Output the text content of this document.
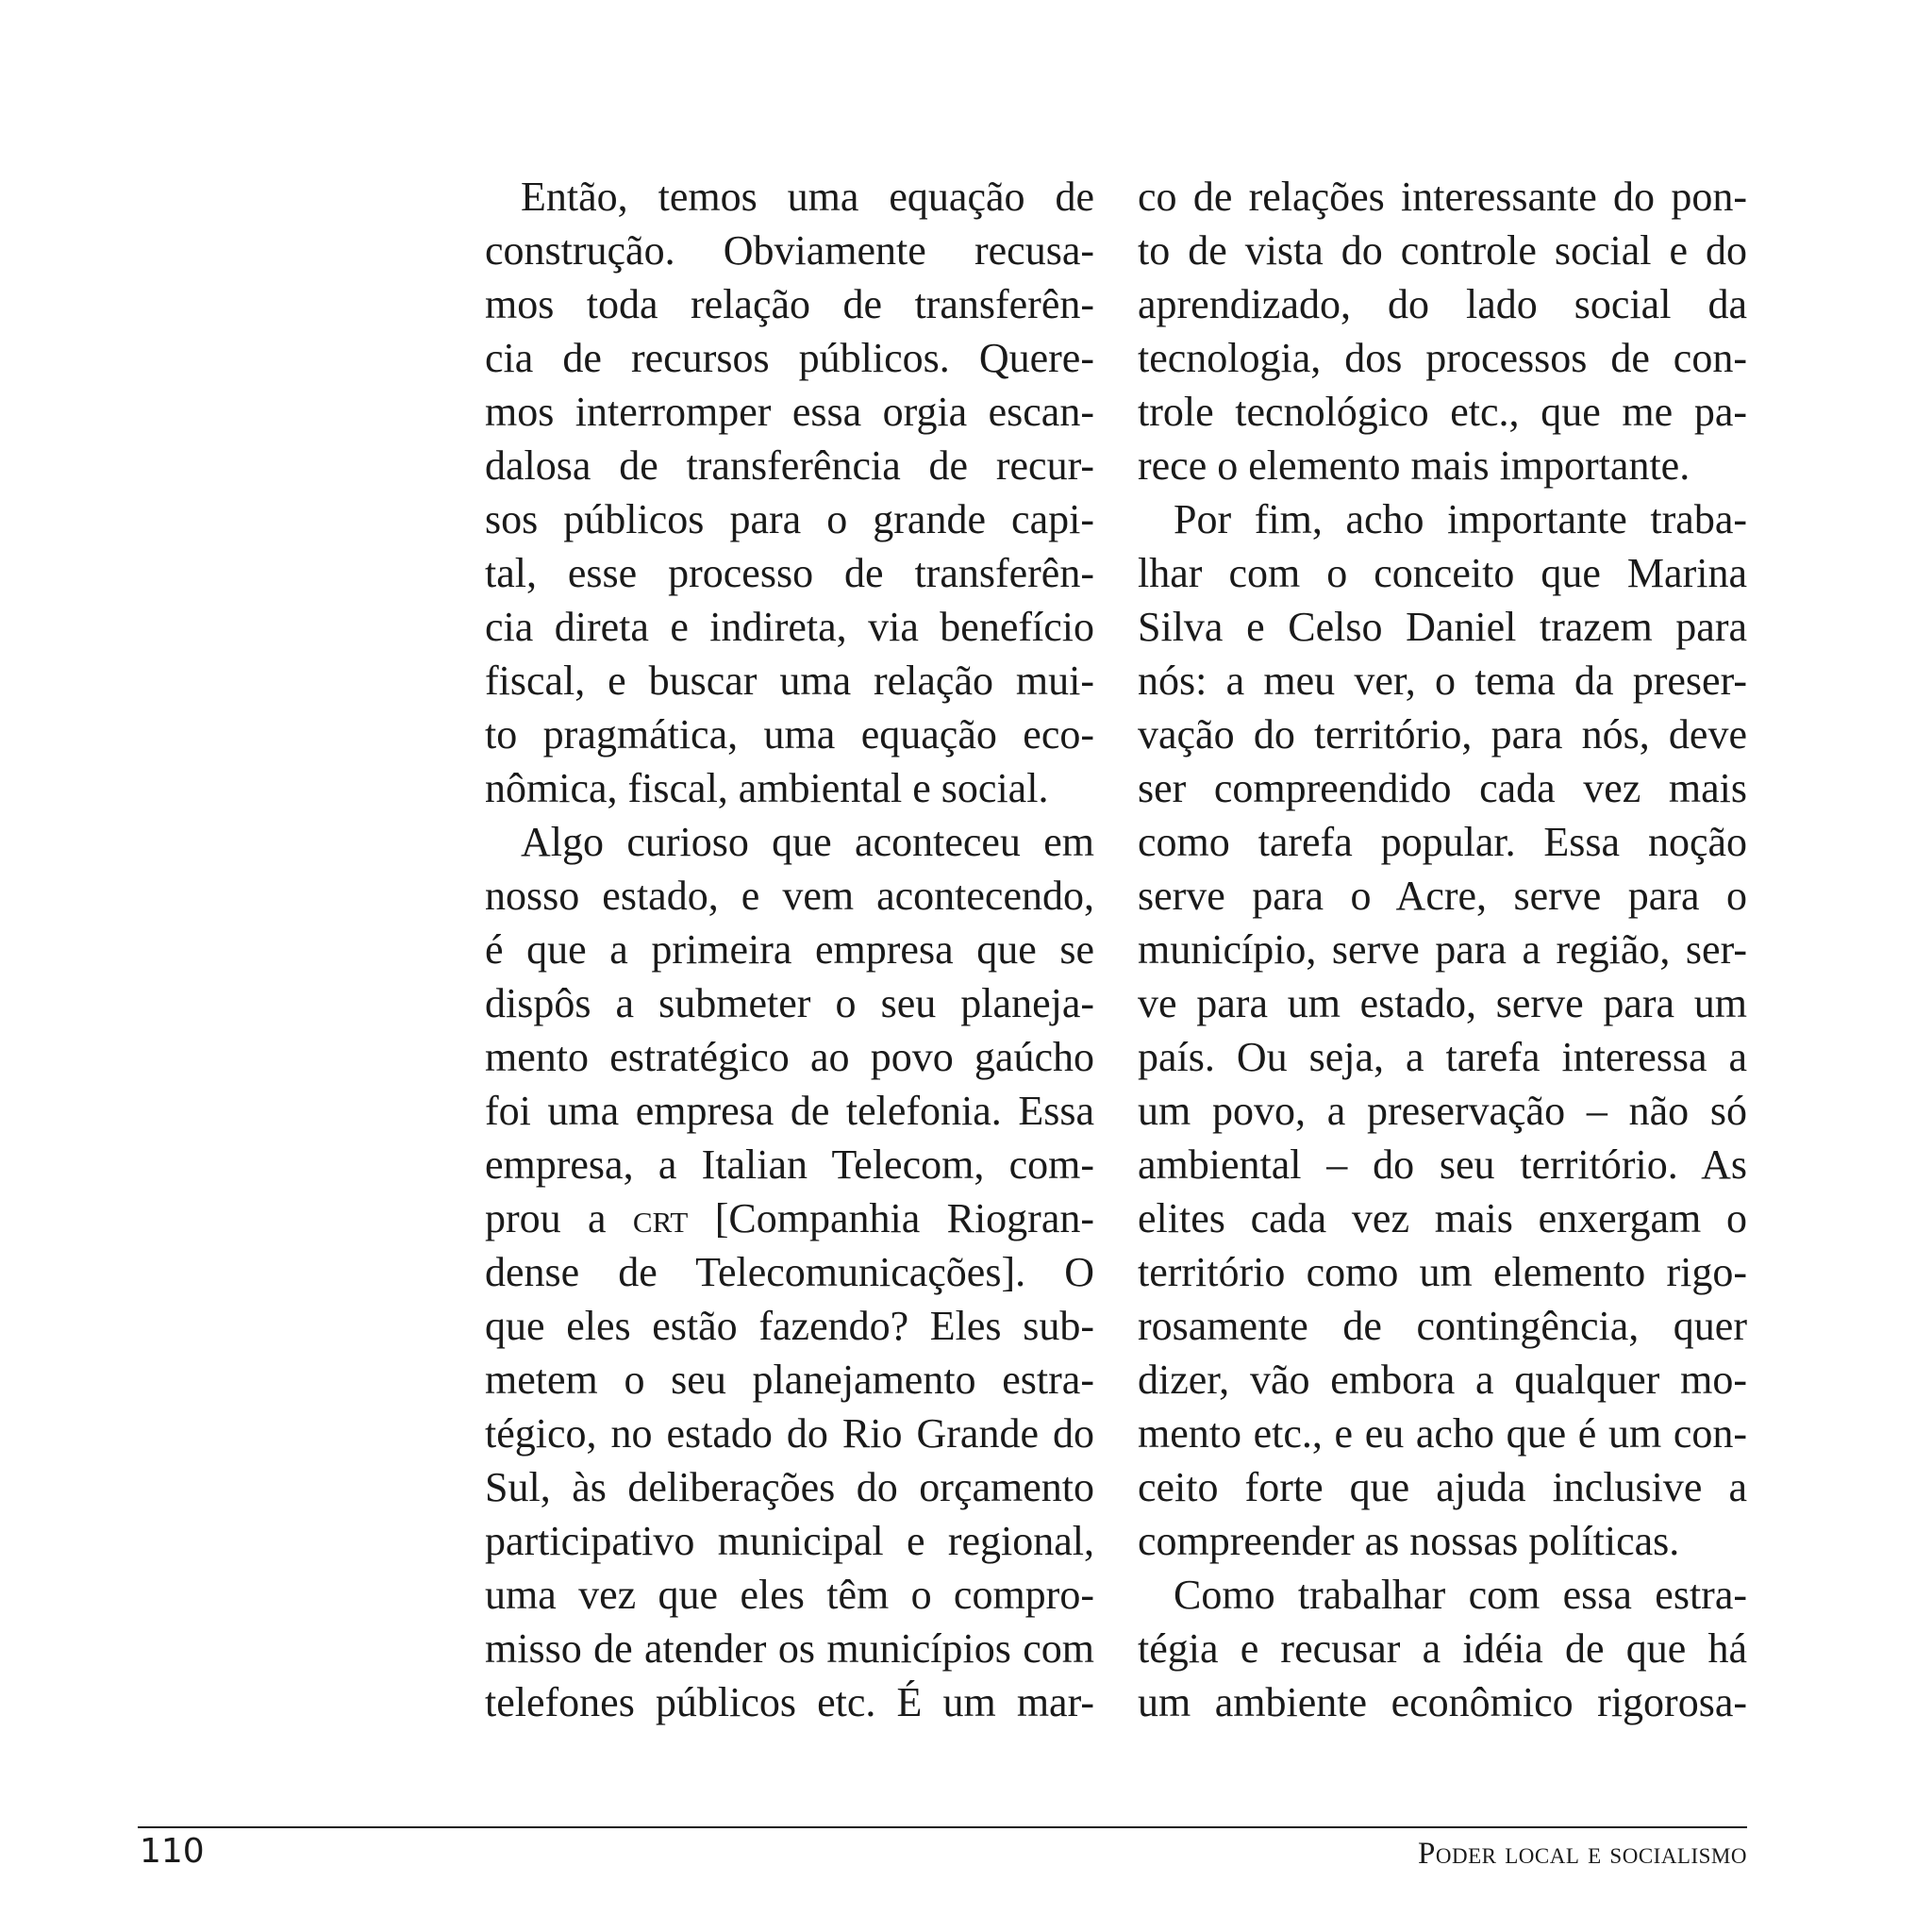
Então, temos uma equação de
construção. Obviamente recusa-
mos toda relação de transferên-
cia de recursos públicos. Quere-
mos interromper essa orgia escan-
dalosa de transferência de recur-
sos públicos para o grande capi-
tal, esse processo de transferên-
cia direta e indireta, via benefício
fiscal, e buscar uma relação mui-
to pragmática, uma equação eco-
nômica, fiscal, ambiental e social.
Algo curioso que aconteceu em
nosso estado, e vem acontecendo,
é que a primeira empresa que se
dispôs a submeter o seu planeja-
mento estratégico ao povo gaúcho
foi uma empresa de telefonia. Essa
empresa, a Italian Telecom, com-
prou a crt [Companhia Riogran-
dense de Telecomunicações]. O
que eles estão fazendo? Eles sub-
metem o seu planejamento estra-
tégico, no estado do Rio Grande do
Sul, às deliberações do orçamento
participativo municipal e regional,
uma vez que eles têm o compro-
misso de atender os municípios com
telefones públicos etc. É um mar-
co de relações interessante do pon-
to de vista do controle social e do
aprendizado, do lado social da
tecnologia, dos processos de con-
trole tecnológico etc., que me pa-
rece o elemento mais importante.
Por fim, acho importante traba-
lhar com o conceito que Marina
Silva e Celso Daniel trazem para
nós: a meu ver, o tema da preser-
vação do território, para nós, deve
ser compreendido cada vez mais
como tarefa popular. Essa noção
serve para o Acre, serve para o
município, serve para a região, ser-
ve para um estado, serve para um
país. Ou seja, a tarefa interessa a
um povo, a preservação – não só
ambiental – do seu território. As
elites cada vez mais enxergam o
território como um elemento rigo-
rosamente de contingência, quer
dizer, vão embora a qualquer mo-
mento etc., e eu acho que é um con-
ceito forte que ajuda inclusive a
compreender as nossas políticas.
Como trabalhar com essa estra-
tégia e recusar a idéia de que há
um ambiente econômico rigorosa-
110	Poder local e socialismo
